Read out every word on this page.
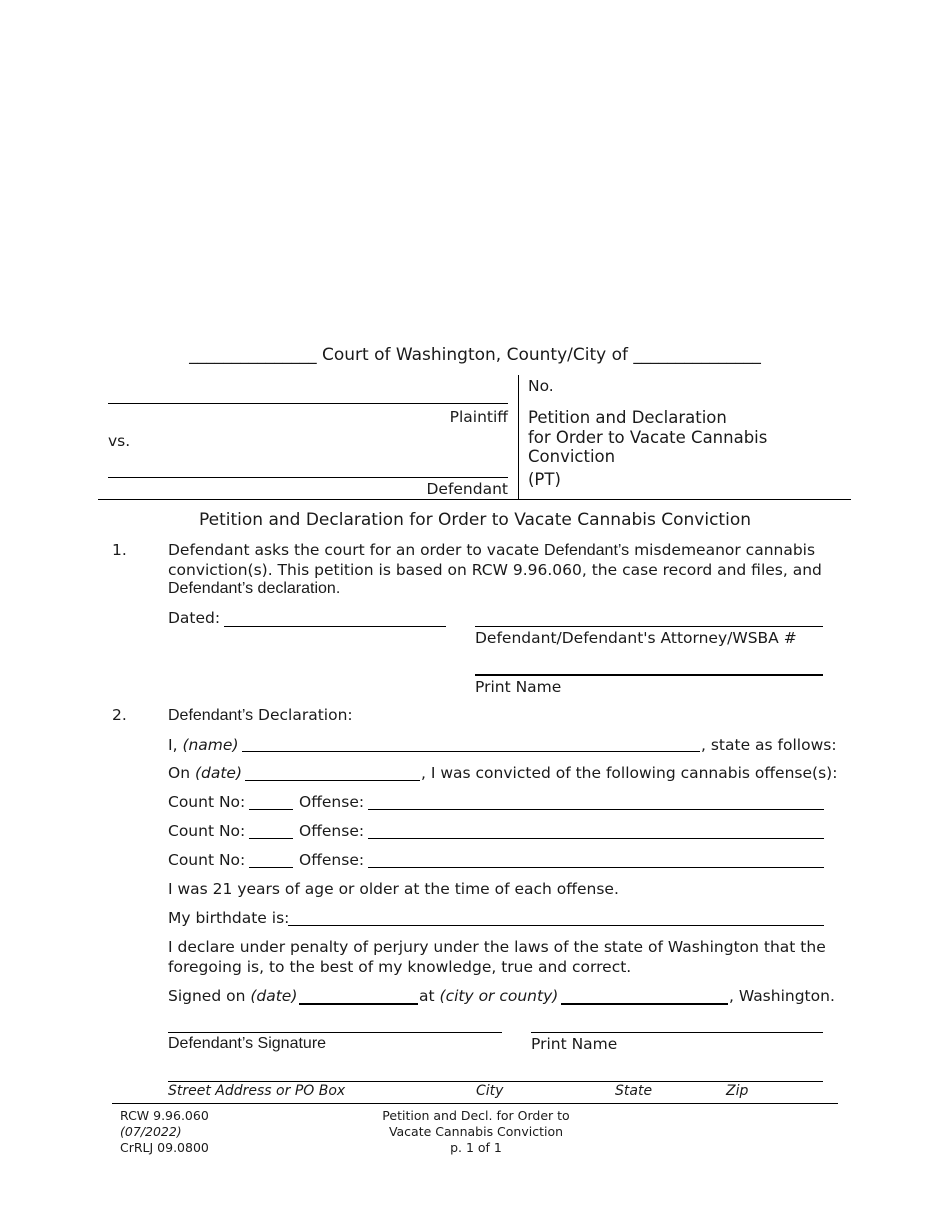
_______________ Court of Washington, County/City of _______________
Plaintiff
vs.
Defendant
No.
Petition and Declaration
for Order to Vacate Cannabis
Conviction
(PT)
Petition and Declaration for Order to Vacate Cannabis Conviction
1.	Defendant asks the court for an order to vacate Defendant’s misdemeanor cannabis
conviction(s). This petition is based on RCW 9.96.060, the case record and files, and
Defendant’s declaration.
Dated:
Defendant/Defendant's Attorney/WSBA #
Print Name
2.	Defendant’s Declaration:
I, (name)	, state as follows:
On (date)	, I was convicted of the following cannabis offense(s):
Count No:	Offense:
Count No:	Offense:
Count No:	Offense:
I was 21 years of age or older at the time of each offense.
My birthdate is:
I declare under penalty of perjury under the laws of the state of Washington that the
foregoing is, to the best of my knowledge, true and correct.
Signed on (date)	at (city or county)	, Washington.
Defendant’s Signature	Print Name
Street Address or PO Box	City	State	Zip
RCW 9.96.060
(07/2022)
CrRLJ 09.0800
Petition and Decl. for Order to
Vacate Cannabis Conviction
p. 1 of 1
